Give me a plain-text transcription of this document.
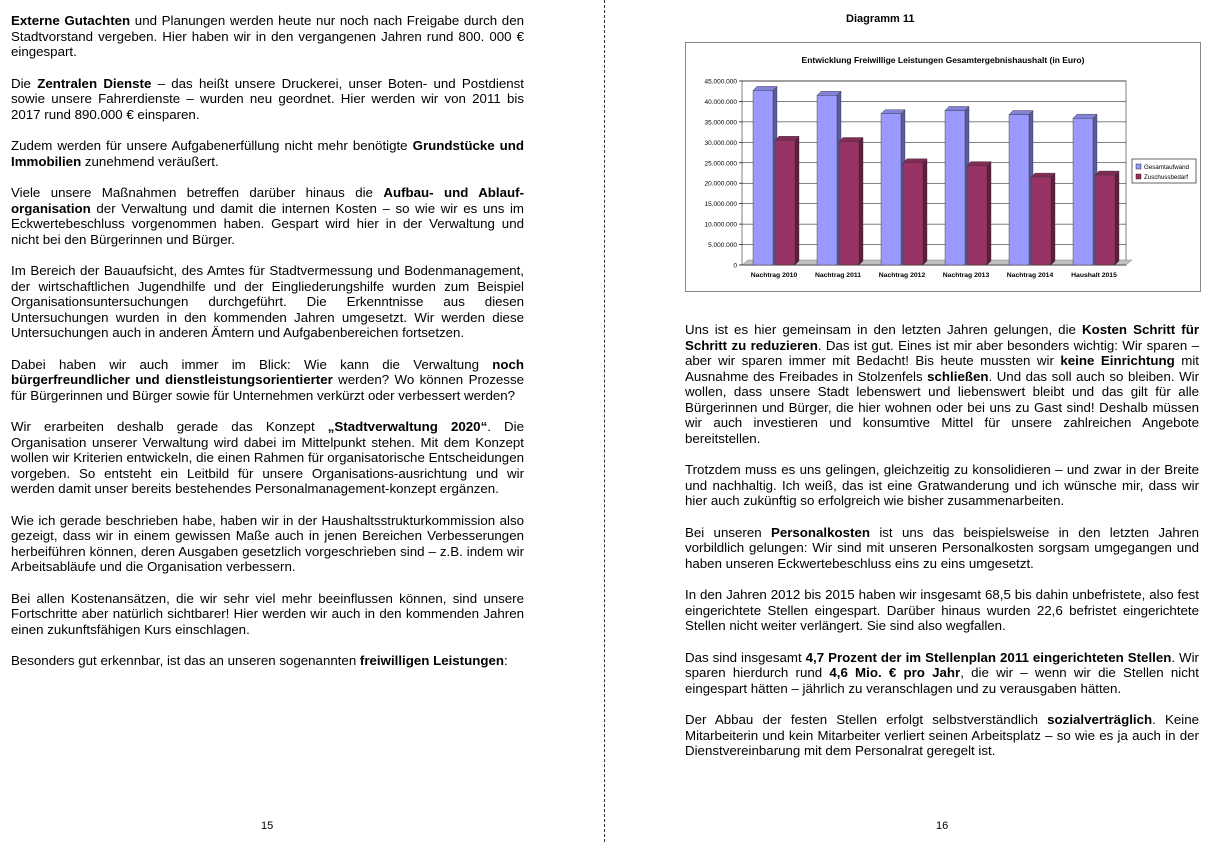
Externe Gutachten und Planungen werden heute nur noch nach Freigabe durch den Stadtvorstand vergeben. Hier haben wir in den vergangenen Jahren rund 800. 000 € eingespart.

Die Zentralen Dienste – das heißt unsere Druckerei, unser Boten- und Postdienst sowie unsere Fahrerdienste – wurden neu geordnet. Hier werden wir von 2011 bis 2017 rund 890.000 € einsparen.

Zudem werden für unsere Aufgabenerfüllung nicht mehr benötigte Grundstücke und Immobilien zunehmend veräußert.

Viele unsere Maßnahmen betreffen darüber hinaus die Aufbau- und Ablauf-organisation der Verwaltung und damit die internen Kosten – so wie wir es uns im Eckwertebeschluss vorgenommen haben. Gespart wird hier in der Verwaltung und nicht bei den Bürgerinnen und Bürger.

Im Bereich der Bauaufsicht, des Amtes für Stadtvermessung und Bodenmanagement, der wirtschaftlichen Jugendhilfe und der Eingliederungshilfe wurden zum Beispiel Organisationsuntersuchungen durchgeführt. Die Erkenntnisse aus diesen Untersuchungen wurden in den kommenden Jahren umgesetzt. Wir werden diese Untersuchungen auch in anderen Ämtern und Aufgabenbereichen fortsetzen.

Dabei haben wir auch immer im Blick: Wie kann die Verwaltung noch bürgerfreundlicher und dienstleistungsorientierter werden? Wo können Prozesse für Bürgerinnen und Bürger sowie für Unternehmen verkürzt oder verbessert werden?

Wir erarbeiten deshalb gerade das Konzept „Stadtverwaltung 2020“. Die Organisation unserer Verwaltung wird dabei im Mittelpunkt stehen. Mit dem Konzept wollen wir Kriterien entwickeln, die einen Rahmen für organisatorische Entscheidungen vorgeben. So entsteht ein Leitbild für unsere Organisations-ausrichtung und wir werden damit unser bereits bestehendes Personalmanagement-konzept ergänzen.

Wie ich gerade beschrieben habe, haben wir in der Haushaltsstrukturkommission also gezeigt, dass wir in einem gewissen Maße auch in jenen Bereichen Verbesserungen herbeiführen können, deren Ausgaben gesetzlich vorgeschrieben sind – z.B. indem wir Arbeitsabläufe und die Organisation verbessern.

Bei allen Kostenansätzen, die wir sehr viel mehr beeinflussen können, sind unsere Fortschritte aber natürlich sichtbarer! Hier werden wir auch in den kommenden Jahren einen zukunftsfähigen Kurs einschlagen.

Besonders gut erkennbar, ist das an unseren sogenannten freiwilligen Leistungen:

15
Diagramm 11
Entwicklung Freiwillige Leistungen Gesamtergebnishaushalt (in Euro)
0
5.000.000
10.000.000
15.000.000
20.000.000
25.000.000
30.000.000
35.000.000
40.000.000
45.000.000
Nachtrag 2010	Nachtrag 2011	Nachtrag 2012	Nachtrag 2013	Nachtrag 2014	Haushalt 2015
Gesamtaufwand
Zuschussbedarf

Uns ist es hier gemeinsam in den letzten Jahren gelungen, die Kosten Schritt für Schritt zu reduzieren. Das ist gut. Eines ist mir aber besonders wichtig: Wir sparen – aber wir sparen immer mit Bedacht! Bis heute mussten wir keine Einrichtung mit Ausnahme des Freibades in Stolzenfels schließen. Und das soll auch so bleiben. Wir wollen, dass unsere Stadt lebenswert und liebenswert bleibt und das gilt für alle Bürgerinnen und Bürger, die hier wohnen oder bei uns zu Gast sind! Deshalb müssen wir auch investieren und konsumtive Mittel für unsere zahlreichen Angebote bereitstellen.

Trotzdem muss es uns gelingen, gleichzeitig zu konsolidieren – und zwar in der Breite und nachhaltig. Ich weiß, das ist eine Gratwanderung und ich wünsche mir, dass wir hier auch zukünftig so erfolgreich wie bisher zusammenarbeiten.

Bei unseren Personalkosten ist uns das beispielsweise in den letzten Jahren vorbildlich gelungen: Wir sind mit unseren Personalkosten sorgsam umgegangen und haben unseren Eckwertebeschluss eins zu eins umgesetzt.

In den Jahren 2012 bis 2015 haben wir insgesamt 68,5 bis dahin unbefristete, also fest eingerichtete Stellen eingespart. Darüber hinaus wurden 22,6 befristet eingerichtete Stellen nicht weiter verlängert. Sie sind also wegfallen.

Das sind insgesamt 4,7 Prozent der im Stellenplan 2011 eingerichteten Stellen. Wir sparen hierdurch rund 4,6 Mio. € pro Jahr, die wir – wenn wir die Stellen nicht eingespart hätten – jährlich zu veranschlagen und zu verausgaben hätten.

Der Abbau der festen Stellen erfolgt selbstverständlich sozialverträglich. Keine Mitarbeiterin und kein Mitarbeiter verliert seinen Arbeitsplatz – so wie es ja auch in der Dienstvereinbarung mit dem Personalrat geregelt ist.

16
